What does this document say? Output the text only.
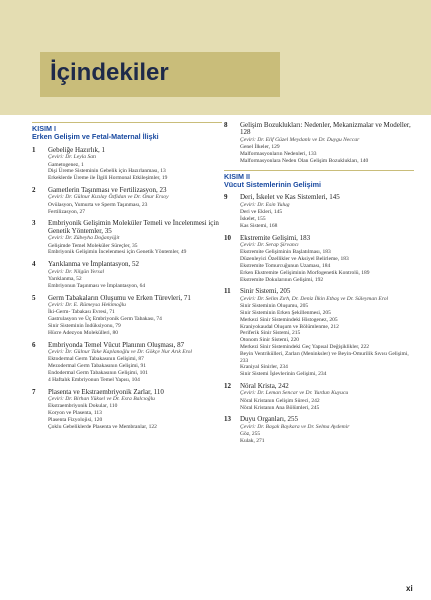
İçindekiler
KISIM I
Erken Gelişim ve Fetal-Maternal İlişki
1 Gebeliğe Hazırlık, 1
Çeviri: Dr. Leyla Satı
Gametogenez, 1
Dişi Üreme Sisteminin Gebelik için Hazırlanması, 13
Erkeklerde Üreme ile İlgili Hormonal Etkileşimler, 19
2 Gametlerin Taşınması ve Fertilizasyon, 23
Çeviri: Dr. Gülnur Kızılay Özfidan ve Dr. Onur Ersoy
Ovülasyon, Yumurta ve Sperm Taşınması, 23
Fertilizasyon, 27
3 Embriyonik Gelişimin Moleküler Temeli ve İncelenmesi için Genetik Yöntemler, 35
Çeviri: Dr. Zübeyha Doğanyiğit
Gelişimde Temel Moleküler Süreçler, 35
Embriyonik Gelişimin İncelenmesi için Genetik Yöntemler, 49
4 Yarıklanma ve İmplantasyon, 52
Çeviri: Dr. Nilgün Yersal
Yarıklanma, 52
Embriyonun Taşınması ve İmplantasyon, 64
5 Germ Tabakaların Oluşumu ve Erken Türevleri, 71
Çeviri: Dr. E. Rümeysa Hekimoğlu
İki-Germ- Tabakası Evresi, 71
Gastrulasyon ve Üç Embriyonik Germ Tabakası, 74
Sinir Sisteminin İndüksiyonu, 79
Hücre Adezyon Molekülleri, 80
6 Embriyonda Temel Vücut Planının Oluşması, 87
Çeviri: Dr. Gülnur Take Kaplanoğlu ve Dr. Gökçe Nur Arık Erol
Ektodermal Germ Tabakasının Gelişimi, 87
Mezodermal Germ Tabakasının Gelişimi, 91
Endodermal Germ Tabakasının Gelişimi, 101
4 Haftalık Embriyonun Temel Yapısı, 104
7 Plasenta ve Ekstraembriyonik Zarlar, 110
Çeviri: Dr. Birhan Yüksel ve Dr. Esra Balcıoğlu
Ekstraembriyonik Dokular, 110
Koryon ve Plasenta, 113
Plasenta Fizyolojisi, 120
Çoklu Gebeliklerde Plasenta ve Membranlar, 122
8 Gelişim Bozuklukları: Nedenler, Mekanizmalar ve Modeller, 128
Çeviri: Dr. Elif Güzel Meydanlı ve Dr. Duygu Neccar
Genel İlkeler, 129
Malformasyonların Nedenleri, 133
Malformasyonlara Neden Olan Gelişim Bozuklukları, 140
KISIM II
Vücut Sistemlerinin Gelişimi
9 Deri, İskelet ve Kas Sistemleri, 145
Çeviri: Dr. Esin Yulug
Deri ve Ekleri, 145
İskelet, 155
Kas Sistemi, 168
10 Ekstremite Gelişimi, 183
Çeviri: Dr. Serap Şirvancı
Ekstremite Gelişiminin Başlatılması, 183
Düzenleyici Özellikler ve Aksiyel Belirleme, 183
Ekstremite Tomurcuğunun Uzaması, 184
Erken Ekstremite Gelişiminin Morfogenetik Kontrolü, 189
Ekstremite Dokularının Gelişimi, 192
11 Sinir Sistemi, 205
Çeviri: Dr. Selim Zırh, Dr. Deniz İlkin Etbaş ve Dr. Süleyman Erol
Sinir Sisteminin Oluşumu, 205
Sinir Sisteminin Erken Şekillenmesi, 205
Merkezi Sinir Sistemindeki Histogenez, 205
Kraniyokaudal Oluşum ve Bölümlenme, 212
Periferik Sinir Sistemi, 215
Otonom Sinir Sistemi, 220
Merkezi Sinir Sistemindeki Geç Yapısal Değişiklikler, 222
Beyin Ventrikülleri, Zarları (Meninksler) ve Beyin-Omurilik Sıvısı Gelişimi, 233
Kraniyal Sinirler, 234
Sinir Sistemi İşlevlerinin Gelişimi, 234
12 Nöral Krista, 242
Çeviri: Dr. Leman Sencar ve Dr. Yurdun Kuyucu
Nöral Kristanın Gelişim Süreci, 242
Nöral Kristanın Ana Bölümleri, 245
13 Duyu Organları, 255
Çeviri: Dr. Başak Baykara ve Dr. Selma Aydemir
Göz, 255
Kulak, 271
xi
